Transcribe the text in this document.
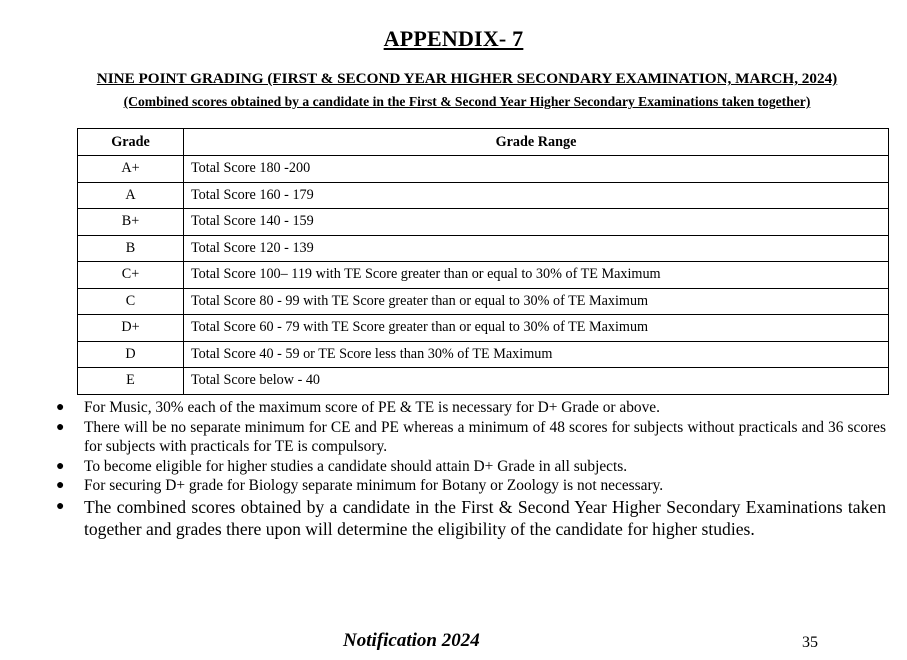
APPENDIX- 7
NINE POINT GRADING (FIRST & SECOND YEAR HIGHER SECONDARY EXAMINATION, MARCH, 2024)
(Combined scores obtained by a candidate in the First & Second Year Higher Secondary Examinations taken together)
Grade	Grade Range
A+	Total Score 180 -200
A	Total Score 160 - 179
B+	Total Score 140 - 159
B	Total Score 120 - 139
C+	Total Score 100– 119 with TE Score greater than or equal to 30% of TE Maximum
C	Total Score 80 - 99 with TE Score greater than or equal to 30% of TE Maximum
D+	Total Score 60 - 79 with TE Score greater than or equal to 30% of TE Maximum
D	Total Score 40 - 59 or TE Score less than 30% of TE Maximum
E	Total Score below - 40
● For Music, 30% each of the maximum score of PE & TE is necessary for D+ Grade or above.
● There will be no separate minimum for CE and PE whereas a minimum of 48 scores for subjects without practicals and 36 scores for subjects with practicals for TE is compulsory.
● To become eligible for higher studies a candidate should attain D+ Grade in all subjects.
● For securing D+ grade for Biology separate minimum for Botany or Zoology is not necessary.
● The combined scores obtained by a candidate in the First & Second Year Higher Secondary Examinations taken together and grades there upon will determine the eligibility of the candidate for higher studies.
Notification 2024	35
